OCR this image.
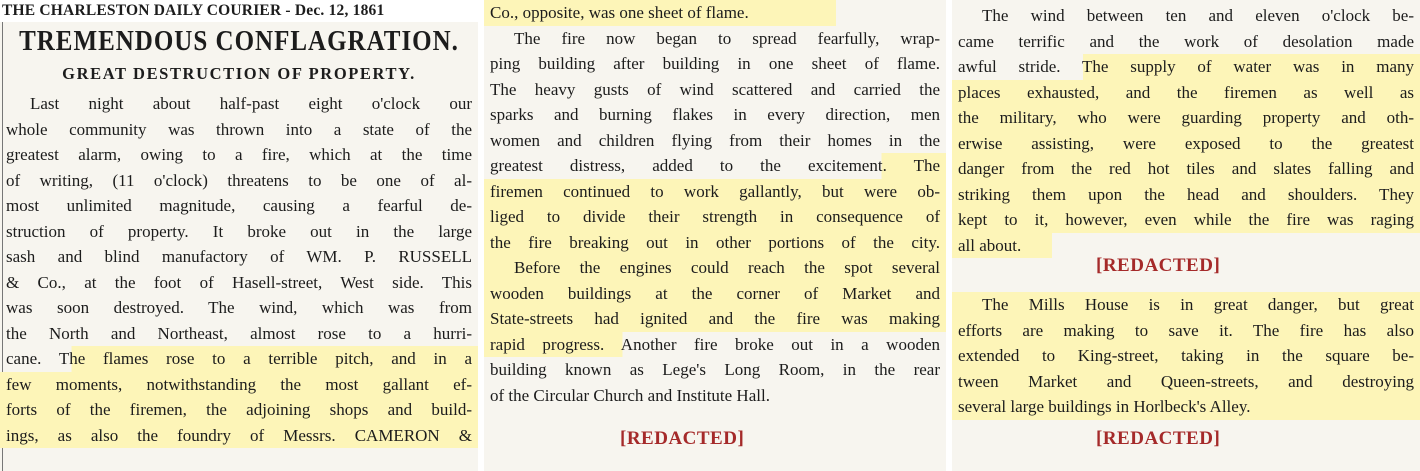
THE CHARLESTON DAILY COURIER - Dec. 12, 1861
TREMENDOUS CONFLAGRATION.
GREAT DESTRUCTION OF PROPERTY.
Last night about half-past eight o'clock our
whole community was thrown into a state of the
greatest alarm, owing to a fire, which at the time
of writing, (11 o'clock) threatens to be one of al-
most unlimited magnitude, causing a fearful de-
struction of property. It broke out in the large
sash and blind manufactory of WM. P. RUSSELL
& Co., at the foot of Hasell-street, West side. This
was soon destroyed. The wind, which was from
the North and Northeast, almost rose to a hurri-
cane. The flames rose to a terrible pitch, and in a
few moments, notwithstanding the most gallant ef-
forts of the firemen, the adjoining shops and build-
ings, as also the foundry of Messrs. CAMERON &
Co., opposite, was one sheet of flame.
The fire now began to spread fearfully, wrap-
ping building after building in one sheet of flame.
The heavy gusts of wind scattered and carried the
sparks and burning flakes in every direction, men
women and children flying from their homes in the
greatest distress, added to the excitement. The
firemen continued to work gallantly, but were ob-
liged to divide their strength in consequence of
the fire breaking out in other portions of the city.
Before the engines could reach the spot several
wooden buildings at the corner of Market and
State-streets had ignited and the fire was making
rapid progress. Another fire broke out in a wooden
building known as Lege's Long Room, in the rear
of the Circular Church and Institute Hall.
[REDACTED]
The wind between ten and eleven o'clock be-
came terrific and the work of desolation made
awful stride. The supply of water was in many
places exhausted, and the firemen as well as
the military, who were guarding property and oth-
erwise assisting, were exposed to the greatest
danger from the red hot tiles and slates falling and
striking them upon the head and shoulders. They
kept to it, however, even while the fire was raging
all about.
[REDACTED]
The Mills House is in great danger, but great
efforts are making to save it. The fire has also
extended to King-street, taking in the square be-
tween Market and Queen-streets, and destroying
several large buildings in Horlbeck's Alley.
[REDACTED]
